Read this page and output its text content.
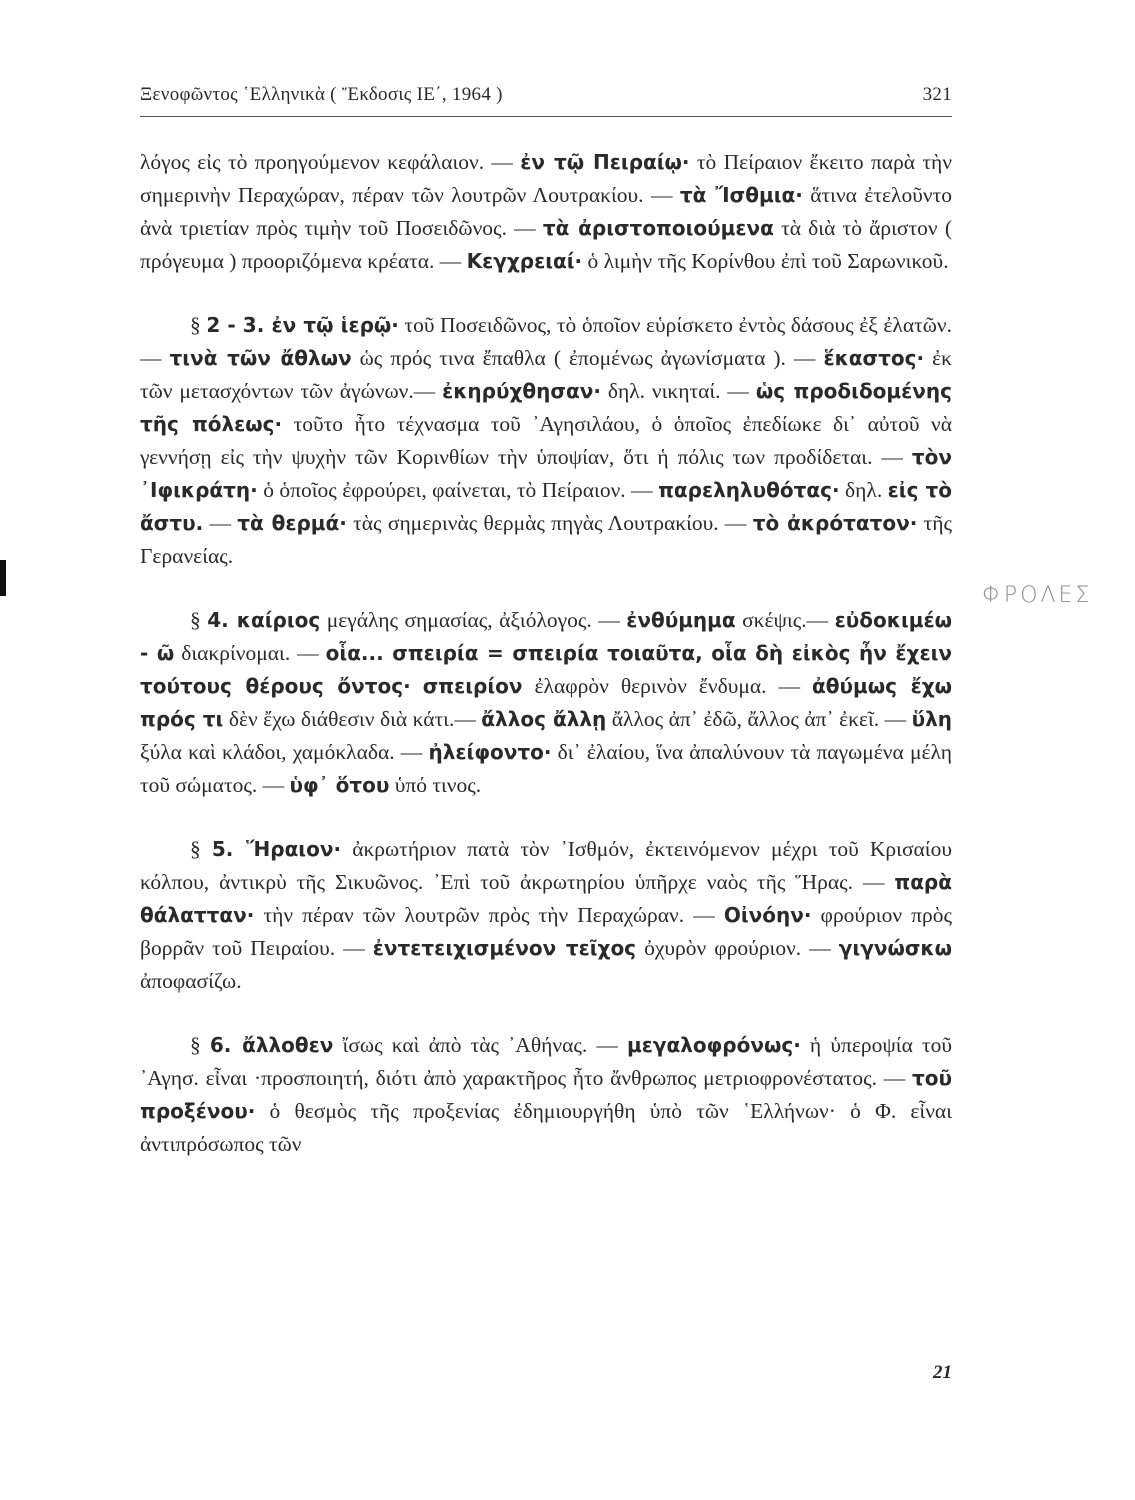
Ξενοφῶντος ῾Ελληνικὰ ( Ἔκδοσις ΙΕ΄, 1964 )	321

λόγος εἰς τὸ προηγούμενον κεφάλαιον. — ἐν τῷ Πειραίῳ· τὸ Πείραιον ἔκειτο παρὰ τὴν σημερινὴν Περαχώραν, πέραν τῶν λουτρῶν Λουτρακίου. — τὰ Ἴσθμια· ἅτινα ἐτελοῦντο ἀνὰ τριετίαν πρὸς τιμὴν τοῦ Ποσειδῶνος. — τὰ ἀριστοποιούμενα τὰ διὰ τὸ ἄριστον ( πρόγευμα ) προοριζόμενα κρέατα. — Κεγχρειαί· ὁ λιμὴν τῆς Κορίνθου ἐπὶ τοῦ Σαρωνικοῦ.

§ 2 - 3. ἐν τῷ ἱερῷ· τοῦ Ποσειδῶνος, τὸ ὁποῖον εὑρίσκετο ἐντὸς δάσους ἐξ ἐλατῶν. — τινὰ τῶν ἄθλων ὡς πρός τινα ἔπαθλα ( ἐπομένως ἀγωνίσματα ). — ἕκαστος· ἐκ τῶν μετασχόντων τῶν ἀγώνων.— ἐκηρύχθησαν· δηλ. νικηταί. — ὡς προδιδομένης τῆς πόλεως· τοῦτο ἦτο τέχνασμα τοῦ ᾿Αγησιλάου, ὁ ὁποῖος ἐπεδίωκε δι᾿ αὐτοῦ νὰ γεννήσῃ εἰς τὴν ψυχὴν τῶν Κορινθίων τὴν ὑποψίαν, ὅτι ἡ πόλις των προδίδεται. — τὸν ᾿Ιφικράτη· ὁ ὁποῖος ἐφρούρει, φαίνεται, τὸ Πείραιον. — παρεληλυθότας· δηλ. εἰς τὸ ἄστυ. — τὰ θερμά· τὰς σημερινὰς θερμὰς πηγὰς Λουτρακίου. — τὸ ἀκρότατον· τῆς Γερανείας.

§ 4. καίριος μεγάλης σημασίας, ἀξιόλογος. — ἐνθύμημα σκέψις.— εὐδοκιμέω - ῶ διακρίνομαι. — οἷα... σπειρία = σπειρία τοιαῦτα, οἷα δὴ εἰκὸς ἦν ἔχειν τούτους θέρους ὄντος· σπειρίον ἐλαφρὸν θερινὸν ἔνδυμα. — ἀθύμως ἔχω πρός τι δὲν ἔχω διάθεσιν διὰ κάτι.— ἄλλος ἄλλῃ ἄλλος ἀπ᾿ ἐδῶ, ἄλλος ἀπ᾿ ἐκεῖ. — ὕλη ξύλα καὶ κλάδοι, χαμόκλαδα. — ἠλείφοντο· δι᾿ ἐλαίου, ἵνα ἀπαλύνουν τὰ παγωμένα μέλη τοῦ σώματος. — ὑφ᾿ ὅτου ὑπό τινος.

§ 5. Ἥραιον· ἀκρωτήριον πατὰ τὸν ᾿Ισθμόν, ἐκτεινόμενον μέχρι τοῦ Κρισαίου κόλπου, ἀντικρὺ τῆς Σικυῶνος. ᾿Επὶ τοῦ ἀκρωτηρίου ὑπῆρχε ναὸς τῆς Ἥρας. — παρὰ θάλατταν· τὴν πέραν τῶν λουτρῶν πρὸς τὴν Περαχώραν. — Οἰνόην· φρούριον πρὸς βορρᾶν τοῦ Πειραίου. — ἐντετειχισμένον τεῖχος ὀχυρὸν φρούριον. — γιγνώσκω ἀποφασίζω.

§ 6. ἄλλοθεν ἴσως καὶ ἀπὸ τὰς ᾿Αθήνας. — μεγαλοφρόνως· ἡ ὑπεροψία τοῦ ᾿Αγησ. εἶναι ·προσποιητή, διότι ἀπὸ χαρακτῆρος ἦτο ἄνθρωπος μετριοφρονέστατος. — τοῦ προξένου· ὁ θεσμὸς τῆς προξενίας ἐδημιουργήθη ὑπὸ τῶν ῾Ελλήνων· ὁ Φ. εἶναι ἀντιπρόσωπος τῶν

ΦΡΟΛΕΣ
21
